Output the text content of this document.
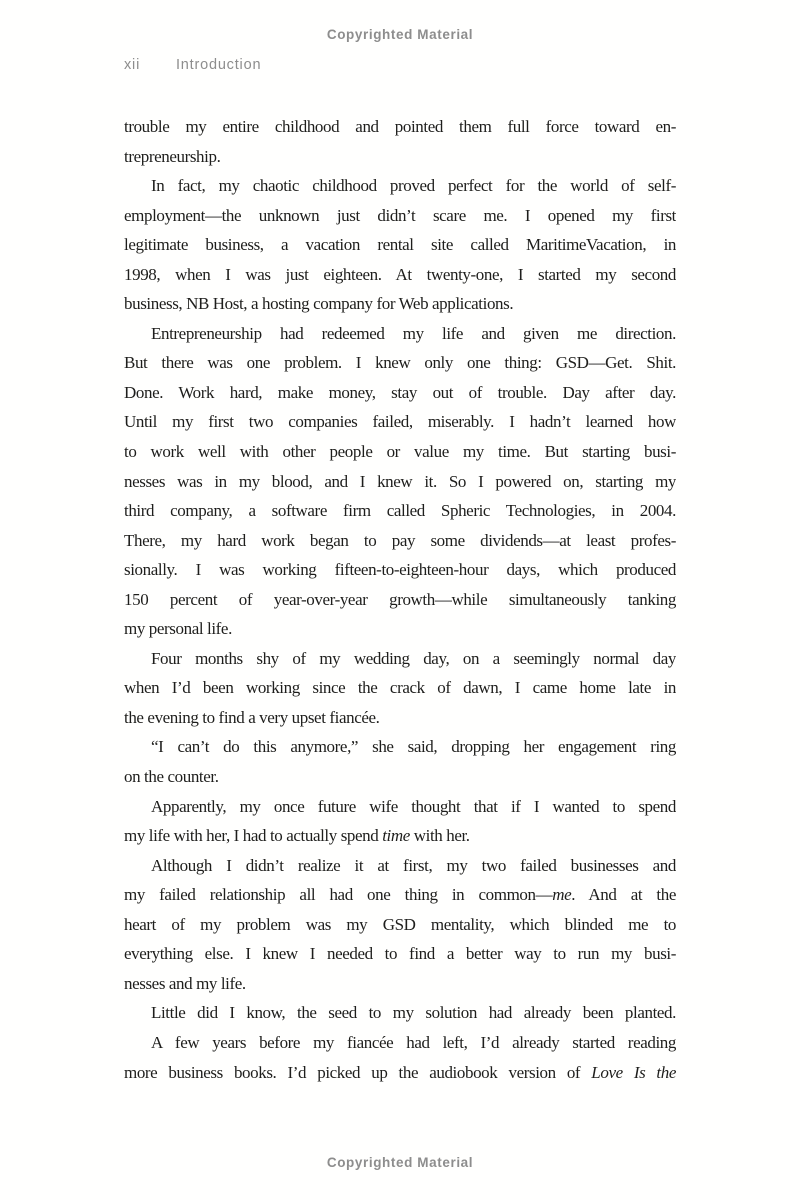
Copyrighted Material
xii Introduction
trouble my entire childhood and pointed them full force toward en-
trepreneurship.
In fact, my chaotic childhood proved perfect for the world of self-
employment—the unknown just didn’t scare me. I opened my first
legitimate business, a vacation rental site called MaritimeVacation, in
1998, when I was just eighteen. At twenty-one, I started my second
business, NB Host, a hosting company for Web applications.
Entrepreneurship had redeemed my life and given me direction.
But there was one problem. I knew only one thing: GSD—Get. Shit.
Done. Work hard, make money, stay out of trouble. Day after day.
Until my first two companies failed, miserably. I hadn’t learned how
to work well with other people or value my time. But starting busi-
nesses was in my blood, and I knew it. So I powered on, starting my
third company, a software firm called Spheric Technologies, in 2004.
There, my hard work began to pay some dividends—at least profes-
sionally. I was working fifteen-to-eighteen-hour days, which produced
150 percent of year-over-year growth—while simultaneously tanking
my personal life.
Four months shy of my wedding day, on a seemingly normal day
when I’d been working since the crack of dawn, I came home late in
the evening to find a very upset fiancée.
“I can’t do this anymore,” she said, dropping her engagement ring
on the counter.
Apparently, my once future wife thought that if I wanted to spend
my life with her, I had to actually spend time with her.
Although I didn’t realize it at first, my two failed businesses and
my failed relationship all had one thing in common—me. And at the
heart of my problem was my GSD mentality, which blinded me to
everything else. I knew I needed to find a better way to run my busi-
nesses and my life.
Little did I know, the seed to my solution had already been planted.
A few years before my fiancée had left, I’d already started reading
more business books. I’d picked up the audiobook version of Love Is the
Copyrighted Material
